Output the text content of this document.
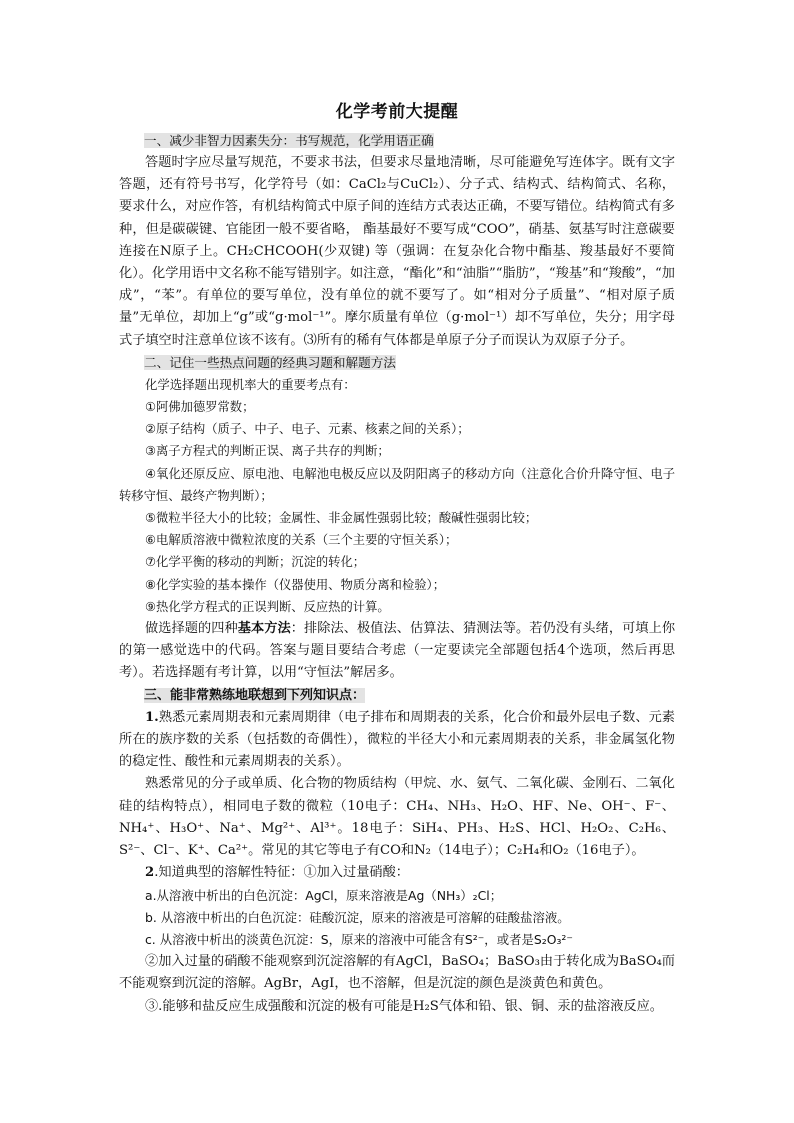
化学考前大提醒
一、减少非智力因素失分：书写规范，化学用语正确

答题时字应尽量写规范，不要求书法，但要求尽量地清晰，尽可能避免写连体字。既有文字答题，还有符号书写，化学符号（如：CaCl₂与CuCl₂）、分子式、结构式、结构简式、名称，要求什么，对应作答，有机结构简式中原子间的连结方式表达正确，不要写错位。结构简式有多种，但是碳碳键、官能团一般不要省略， 酯基最好不要写成“COO”，硝基、氨基写时注意碳要连接在N原子上。CH₂CHCOOH(少双键) 等（强调：在复杂化合物中酯基、羧基最好不要简化）。化学用语中文名称不能写错别字。如注意，“酯化”和“油脂”“脂肪”，“羧基”和“羧酸”，“加成”，“苯”。有单位的要写单位，没有单位的就不要写了。如“相对分子质量”、“相对原子质量”无单位，却加上“g”或“g·mol⁻¹”。摩尔质量有单位（g·mol⁻¹）却不写单位，失分；用字母式子填空时注意单位该不该有。⑶所有的稀有气体都是单原子分子而误认为双原子分子。

二、记住一些热点问题的经典习题和解题方法
化学选择题出现机率大的重要考点有：
①阿佛加德罗常数；
②原子结构（质子、中子、电子、元素、核素之间的关系）；
③离子方程式的判断正误、离子共存的判断；
④氧化还原反应、原电池、电解池电极反应以及阴阳离子的移动方向（注意化合价升降守恒、电子转移守恒、最终产物判断）；
⑤微粒半径大小的比较；金属性、非金属性强弱比较；酸碱性强弱比较；
⑥电解质溶液中微粒浓度的关系（三个主要的守恒关系）；
⑦化学平衡的移动的判断；沉淀的转化；
⑧化学实验的基本操作（仪器使用、物质分离和检验）；
⑨热化学方程式的正误判断、反应热的计算。

做选择题的四种基本方法：排除法、极值法、估算法、猜测法等。若仍没有头绪，可填上你的第一感觉选中的代码。答案与题目要结合考虑（一定要读完全部题包括4个选项，然后再思考）。若选择题有考计算，以用“守恒法”解居多。

三、能非常熟练地联想到下列知识点：

1.熟悉元素周期表和元素周期律（电子排布和周期表的关系，化合价和最外层电子数、元素所在的族序数的关系（包括数的奇偶性），微粒的半径大小和元素周期表的关系，非金属氢化物的稳定性、酸性和元素周期表的关系）。

熟悉常见的分子或单质、化合物的物质结构（甲烷、水、氨气、二氧化碳、金刚石、二氧化硅的结构特点），相同电子数的微粒（10电子：CH₄、NH₃、H₂O、HF、Ne、OH⁻、F⁻、NH₄⁺、H₃O⁺、Na⁺、Mg²⁺、Al³⁺。18电子：SiH₄、PH₃、H₂S、HCl、H₂O₂、C₂H₆、S²⁻、Cl⁻、K⁺、Ca²⁺。常见的其它等电子有CO和N₂（14电子）；C₂H₄和O₂（16电子）。

2.知道典型的溶解性特征：①加入过量硝酸：

a.从溶液中析出的白色沉淀：AgCl，原来溶液是Ag（NH₃）₂Cl；
b. 从溶液中析出的白色沉淀：硅酸沉淀，原来的溶液是可溶解的硅酸盐溶液。
c. 从溶液中析出的淡黄色沉淀：S，原来的溶液中可能含有S²⁻，或者是S₂O₃²⁻

②加入过量的硝酸不能观察到沉淀溶解的有AgCl，BaSO₄；BaSO₃由于转化成为BaSO₄而不能观察到沉淀的溶解。AgBr，AgI，也不溶解，但是沉淀的颜色是淡黄色和黄色。

③.能够和盐反应生成强酸和沉淀的极有可能是H₂S气体和铅、银、铜、汞的盐溶液反应。
